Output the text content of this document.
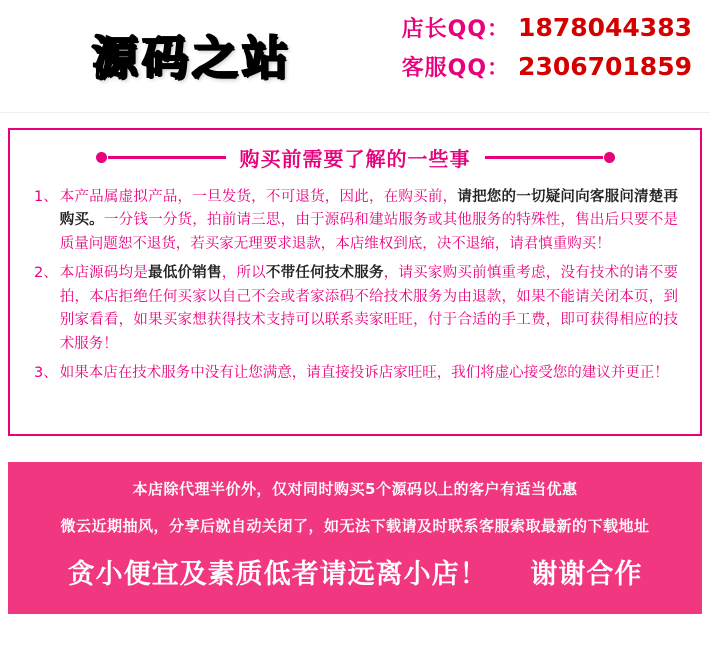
源码之站
店长QQ： 1878044383
客服QQ： 2306701859
购买前需要了解的一些事
1、 本产品属虚拟产品，一旦发货，不可退货，因此，在购买前，请把您的一切疑问向客服问清楚再购买。一分钱一分货，拍前请三思，由于源码和建站服务或其他服务的特殊性，售出后只要不是质量问题恕不退货，若买家无理要求退款，本店维权到底，决不退缩，请君慎重购买！
2、 本店源码均是最低价销售，所以不带任何技术服务，请买家购买前慎重考虑，没有技术的请不要拍，本店拒绝任何买家以自己不会或者家添码不给技术服务为由退款，如果不能请关闭本页，到别家看看，如果买家想获得技术支持可以联系卖家旺旺，付于合适的手工费，即可获得相应的技术服务！
3、 如果本店在技术服务中没有让您满意，请直接投诉店家旺旺，我们将虚心接受您的建议并更正！
本店除代理半价外，仅对同时购买5个源码以上的客户有适当优惠
微云近期抽风，分享后就自动关闭了，如无法下载请及时联系客服索取最新的下载地址
贪小便宜及素质低者请远离小店！ 谢谢合作
